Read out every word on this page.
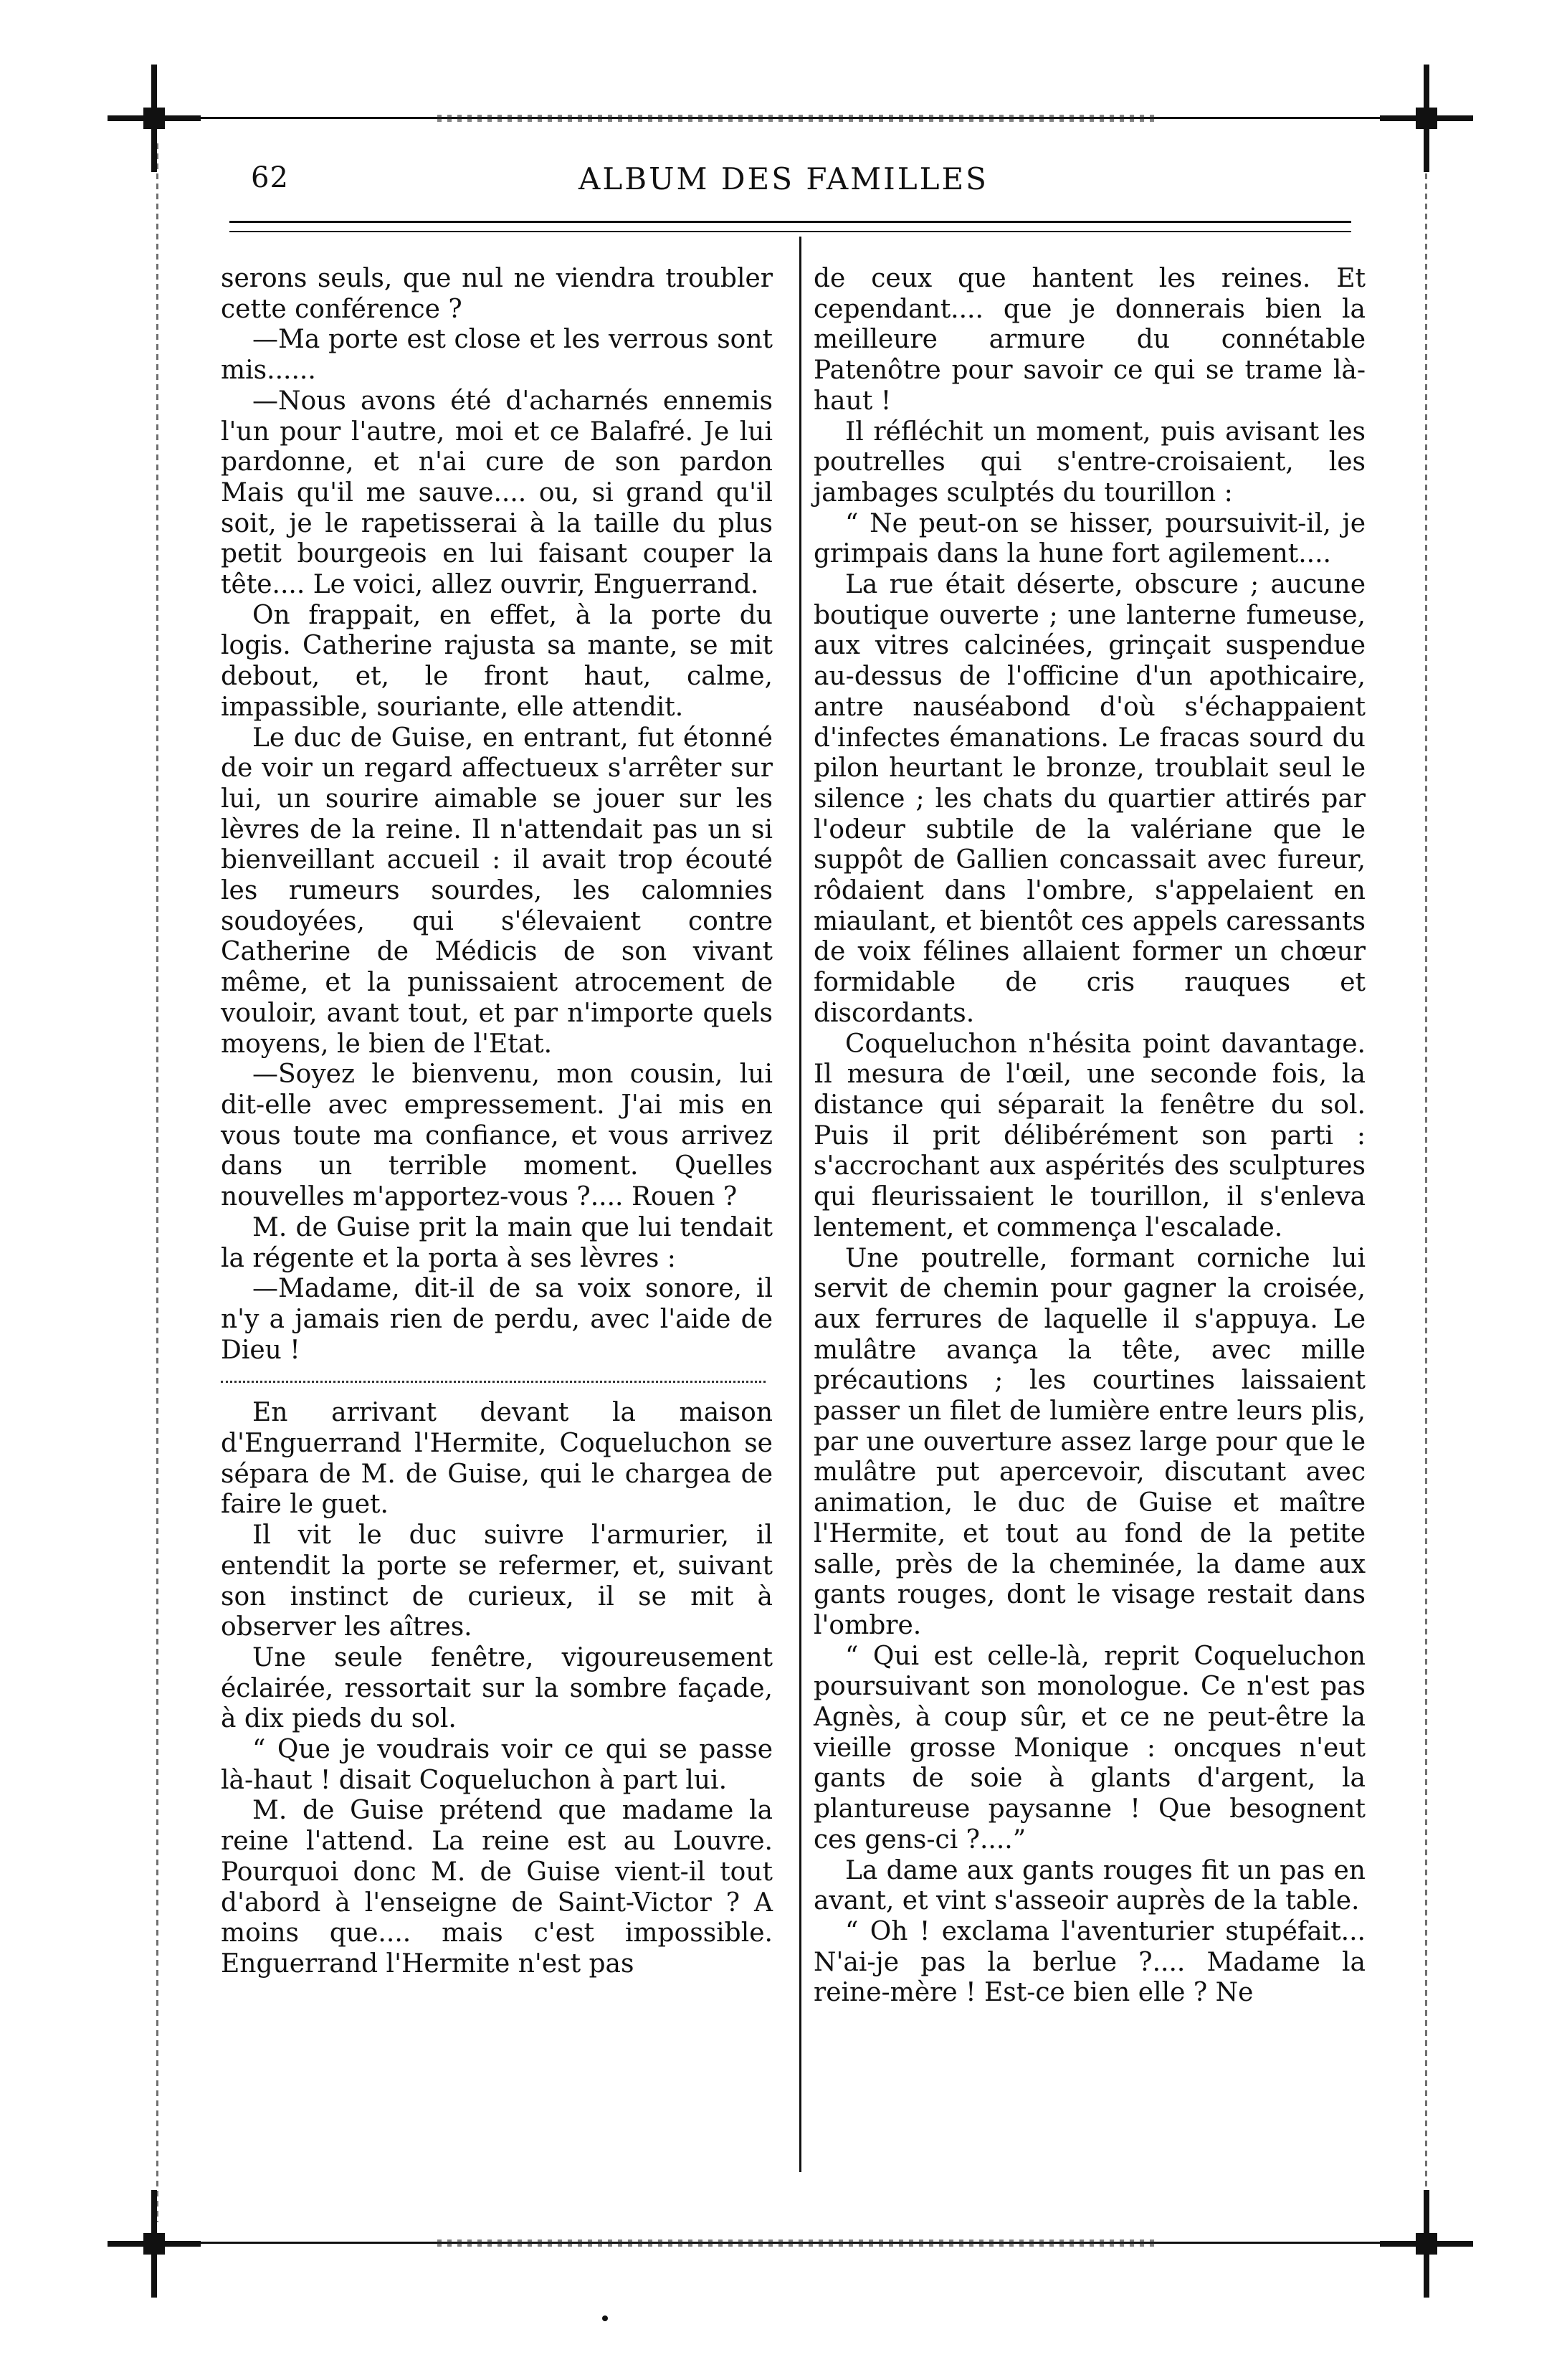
62	ALBUM DES FAMILLES

serons seuls, que nul ne viendra troubler cette conférence ?

—Ma porte est close et les verrous sont mis......

—Nous avons été d'acharnés ennemis l'un pour l'autre, moi et ce Balafré. Je lui pardonne, et n'ai cure de son pardon Mais qu'il me sauve.... ou, si grand qu'il soit, je le rapetisserai à la taille du plus petit bourgeois en lui faisant couper la tête.... Le voici, allez ouvrir, Enguerrand.

On frappait, en effet, à la porte du logis. Catherine rajusta sa mante, se mit debout, et, le front haut, calme, impassible, souriante, elle attendit.

Le duc de Guise, en entrant, fut étonné de voir un regard affectueux s'arrêter sur lui, un sourire aimable se jouer sur les lèvres de la reine. Il n'attendait pas un si bienveillant accueil : il avait trop écouté les rumeurs sourdes, les calomnies soudoyées, qui s'élevaient contre Catherine de Médicis de son vivant même, et la punissaient atrocement de vouloir, avant tout, et par n'importe quels moyens, le bien de l'Etat.

—Soyez le bienvenu, mon cousin, lui dit-elle avec empressement. J'ai mis en vous toute ma confiance, et vous arrivez dans un terrible moment. Quelles nouvelles m'apportez-vous ?.... Rouen ?

M. de Guise prit la main que lui tendait la régente et la porta à ses lèvres :

—Madame, dit-il de sa voix sonore, il n'y a jamais rien de perdu, avec l'aide de Dieu !

En arrivant devant la maison d'Enguerrand l'Hermite, Coqueluchon se sépara de M. de Guise, qui le chargea de faire le guet.

Il vit le duc suivre l'armurier, il entendit la porte se refermer, et, suivant son instinct de curieux, il se mit à observer les aîtres.

Une seule fenêtre, vigoureusement éclairée, ressortait sur la sombre façade, à dix pieds du sol.

“ Que je voudrais voir ce qui se passe là-haut ! disait Coqueluchon à part lui.

M. de Guise prétend que madame la reine l'attend. La reine est au Louvre. Pourquoi donc M. de Guise vient-il tout d'abord à l'enseigne de Saint-Victor ? A moins que.... mais c'est impossible. Enguerrand l'Hermite n'est pas

de ceux que hantent les reines. Et cependant.... que je donnerais bien la meilleure armure du connétable Patenôtre pour savoir ce qui se trame là-haut !

Il réfléchit un moment, puis avisant les poutrelles qui s'entre-croisaient, les jambages sculptés du tourillon :

“ Ne peut-on se hisser, poursuivit-il, je grimpais dans la hune fort agilement....

La rue était déserte, obscure ; aucune boutique ouverte ; une lanterne fumeuse, aux vitres calcinées, grinçait suspendue au-dessus de l'officine d'un apothicaire, antre nauséabond d'où s'échappaient d'infectes émanations. Le fracas sourd du pilon heurtant le bronze, troublait seul le silence ; les chats du quartier attirés par l'odeur subtile de la valériane que le suppôt de Gallien concassait avec fureur, rôdaient dans l'ombre, s'appelaient en miaulant, et bientôt ces appels caressants de voix félines allaient former un chœur formidable de cris rauques et discordants.

Coqueluchon n'hésita point davantage. Il mesura de l'œil, une seconde fois, la distance qui séparait la fenêtre du sol. Puis il prit délibérément son parti : s'accrochant aux aspérités des sculptures qui fleurissaient le tourillon, il s'enleva lentement, et commença l'escalade.

Une poutrelle, formant corniche lui servit de chemin pour gagner la croisée, aux ferrures de laquelle il s'appuya. Le mulâtre avança la tête, avec mille précautions ; les courtines laissaient passer un filet de lumière entre leurs plis, par une ouverture assez large pour que le mulâtre put apercevoir, discutant avec animation, le duc de Guise et maître l'Hermite, et tout au fond de la petite salle, près de la cheminée, la dame aux gants rouges, dont le visage restait dans l'ombre.

“ Qui est celle-là, reprit Coqueluchon poursuivant son monologue. Ce n'est pas Agnès, à coup sûr, et ce ne peut-être la vieille grosse Monique : oncques n'eut gants de soie à glants d'argent, la plantureuse paysanne ! Que besognent ces gens-ci ?....”

La dame aux gants rouges fit un pas en avant, et vint s'asseoir auprès de la table.

“ Oh ! exclama l'aventurier stupéfait... N'ai-je pas la berlue ?.... Madame la reine-mère ! Est-ce bien elle ? Ne
